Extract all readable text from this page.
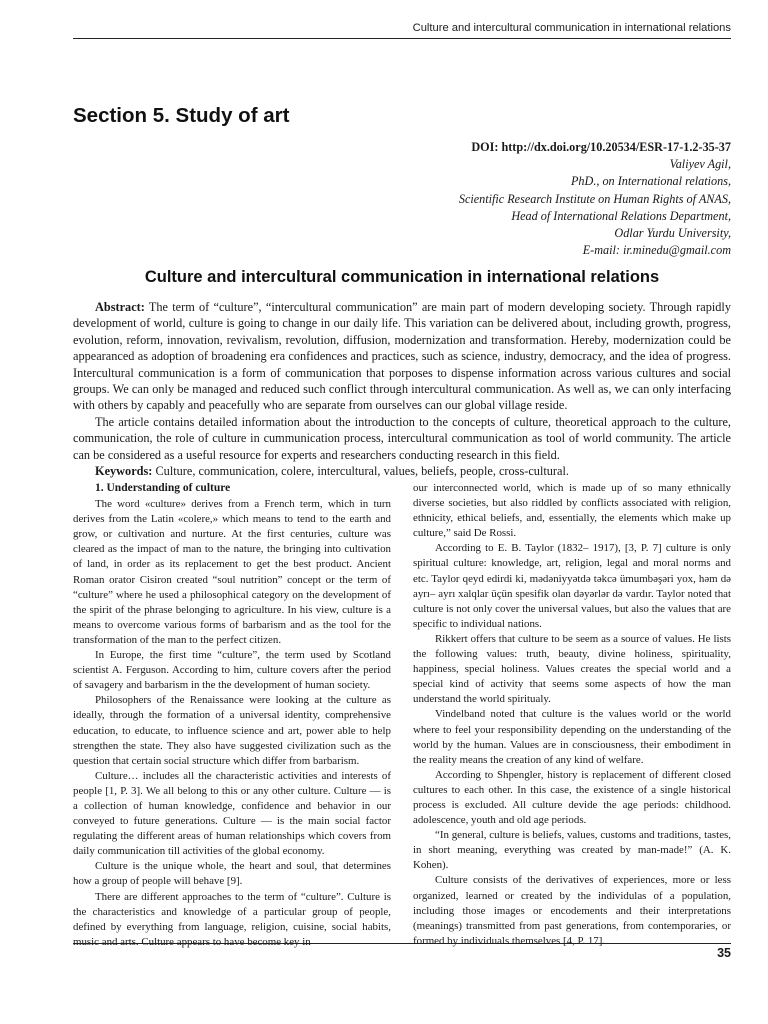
Culture and intercultural communication in international relations
Section 5. Study of art
DOI: http://dx.doi.org/10.20534/ESR-17-1.2-35-37
Valiyev Agil,
PhD., on International relations,
Scientific Research Institute on Human Rights of ANAS,
Head of International Relations Department,
Odlar Yurdu University,
E-mail: ir.minedu@gmail.com
Culture and intercultural communication in international relations

Abstract: The term of “culture”, “intercultural communication” are main part of modern developing society. Through rapidly development of world, culture is going to change in our daily life. This variation can be delivered about, including growth, progress, evolution, reform, innovation, revivalism, revolution, diffusion, modernization and transformation. Hereby, modernization could be appearanced as adoption of broadening era confidences and practices, such as science, industry, democracy, and the idea of progress. Intercultural communication is a form of communication that porposes to dispense information across various cultures and social groups. We can only be managed and reduced such conflict through intercultural communication. As well as, we can only interfacing with others by capably and peacefully who are separate from ourselves can our global village reside.

The article contains detailed information about the introduction to the concepts of culture, theoretical approach to the culture, communication, the role of culture in cummunication process, intercultural communication as tool of world community. The article can be considered as a useful resource for experts and researchers conducting research in this field.

Keywords: Culture, communication, colere, intercultural, values, beliefs, people, cross-cultural.

1. Understanding of culture

The word «culture» derives from a French term, which in turn derives from the Latin «colere,» which means to tend to the earth and grow, or cultivation and nurture. At the first centuries, culture was cleared as the impact of man to the nature, the bringing into cultivation of land, in order as its replacement to get the best product. Ancient Roman orator Cisiron created “soul nutrition” concept or the term of “culture” where he used a philosophical category on the development of the spirit of the phrase belonging to agriculture. In his view, culture is a means to overcome various forms of barbarism and as the tool for the transformation of the man to the perfect citizen.

In Europe, the first time “culture”, the term used by Scotland scientist A. Ferguson. According to him, culture covers after the period of savagery and barbarism in the the development of human society.

Philosophers of the Renaissance were looking at the culture as ideally, through the formation of a universal identity, comprehensive education, to educate, to influence science and art, power able to help strengthen the state. They also have suggested civilization such as the question that certain social structure which differ from barbarism.

Culture… includes all the characteristic activities and interests of people [1, P. 3]. We all belong to this or any other culture. Culture — is a collection of human knowledge, confidence and behavior in our conveyed to future generations. Culture — is the main social factor regulating the different areas of human relationships which covers from daily communication till activities of the global economy.

Culture is the unique whole, the heart and soul, that determines how a group of people will behave [9].

There are different approaches to the term of “culture”. Culture is the characteristics and knowledge of a particular group of people, defined by everything from language, religion, cuisine, social habits, music and arts. Culture appears to have become key in

our interconnected world, which is made up of so many ethnically diverse societies, but also riddled by conflicts associated with religion, ethnicity, ethical beliefs, and, essentially, the elements which make up culture,” said De Rossi.

According to E. B. Taylor (1832– 1917), [3, P. 7] culture is only spiritual culture: knowledge, art, religion, legal and moral norms and etc. Taylor qeyd edirdi ki, mədəniyyətdə təkcə ümumbəşəri yox, həm də ayrı– ayrı xalqlar üçün spesifik olan dəyərlər də vardır. Taylor noted that culture is not only cover the universal values, but also the values that are specific to individual nations.

Rikkert offers that culture to be seem as a source of values. He lists the following values: truth, beauty, divine holiness, spirituality, happiness, special holiness. Values creates the special world and a special kind of activity that seems some aspects of how the man understand the world spiritualy.

Vindelband noted that culture is the values world or the world where to feel your responsibility depending on the understanding of the world by the human. Values are in consciousness, their embodiment in the reality means the creation of any kind of welfare.

According to Shpengler, history is replacement of different closed cultures to each other. In this case, the existence of a single historical process is excluded. All culture devide the age periods: childhood. adolescence, youth and old age periods.

“In general, culture is beliefs, values, customs and traditions, tastes, in short meaning, everything was created by man-made!” (A. K. Kohen).

Culture consists of the derivatives of experiences, more or less organized, learned or created by the individulas of a population, including those images or encodements and their interpretations (meanings) transmitted from past generations, from contemporaries, or formed by individuals themselves [4, P. 17].

35
